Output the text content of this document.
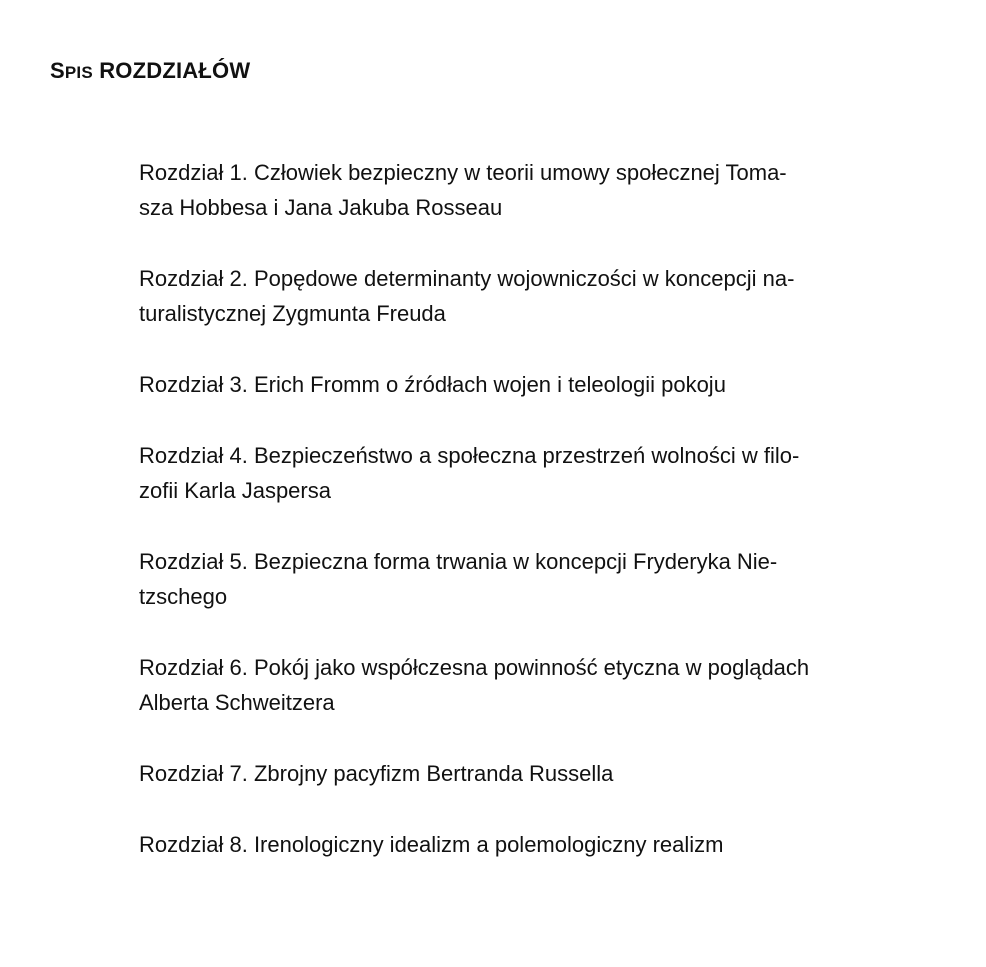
SPIS ROZDZIAŁÓW
Rozdział 1. Człowiek bezpieczny w teorii umowy społecznej Toma-
sza Hobbesa i Jana Jakuba Rosseau
Rozdział 2. Popędowe determinanty wojowniczości w koncepcji na-
turalistycznej Zygmunta Freuda
Rozdział 3. Erich Fromm o źródłach wojen i teleologii pokoju
Rozdział 4. Bezpieczeństwo a społeczna przestrzeń wolności w filo-
zofii Karla Jaspersa
Rozdział 5. Bezpieczna forma trwania w koncepcji Fryderyka Nie-
tzschego
Rozdział 6. Pokój jako współczesna powinność etyczna w poglądach
Alberta Schweitzera
Rozdział 7. Zbrojny pacyfizm Bertranda Russella
Rozdział 8. Irenologiczny idealizm a polemologiczny realizm
